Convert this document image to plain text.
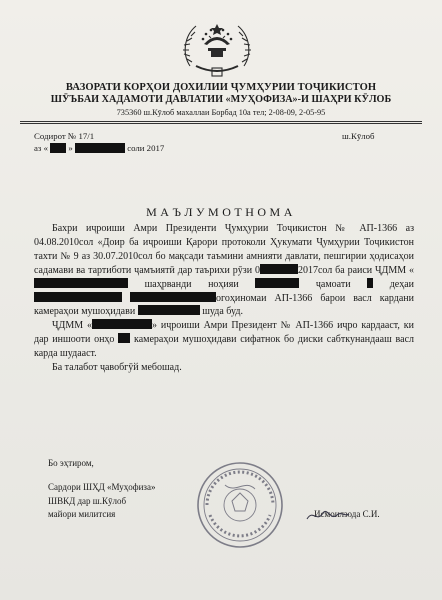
ВАЗОРАТИ КОРҲОИ ДОХИЛИИ ҶУМҲУРИИ ТОҶИКИСТОН
ШӮЪБАИ ХАДАМОТИ ДАВЛАТИИ «МУҲОФИЗА»-И ШАҲРИ КӮЛОБ
735360 ш.Кӯлоб махаллаи Борбад 10а тел; 2-08-09, 2-05-95
Содирот № 17/1	ш.Кӯлоб
аз « »	соли 2017
МАЪЛУМОТНОМА

Бахри иҷроиши Амри Президенти Ҷумҳурии Тоҷикистон № АП-1366 аз 04.08.2010сол «Доир ба иҷроиши Қарори протоколи Ҳукумати Ҷумҳурии Тоҷикистон тахти № 9 аз 30.07.2010сол бо мақсади таъмини амнияти давлати, пешгирии ҳодисаҳои садамави ва тартиботи ҷамъиятӣ дар таърихи рӯзи 0	2017сол ба раиси ҶДММ « шаҳрванди ноҳияи	ҷамоати	деҳаи  огоҳиномаи АП-1366 барои васл кардани камераҳои мушоҳидави	шуда буд.

ҶДММ «	» иҷроиши Амри Президент № АП-1366 иҷро кардааст, ки дар иншооти онҳо камераҳои мушоҳидави сифатнок бо диски сабткунандааш васл карда шудааст.

Ба талабот ҷавобгӯй мебошад.

Бо эҳтиром,
Сардори ШҲД «Муҳофиза»
ШВКД дар ш.Кӯлоб
майори милитсия	Исмоилзода С.И.
